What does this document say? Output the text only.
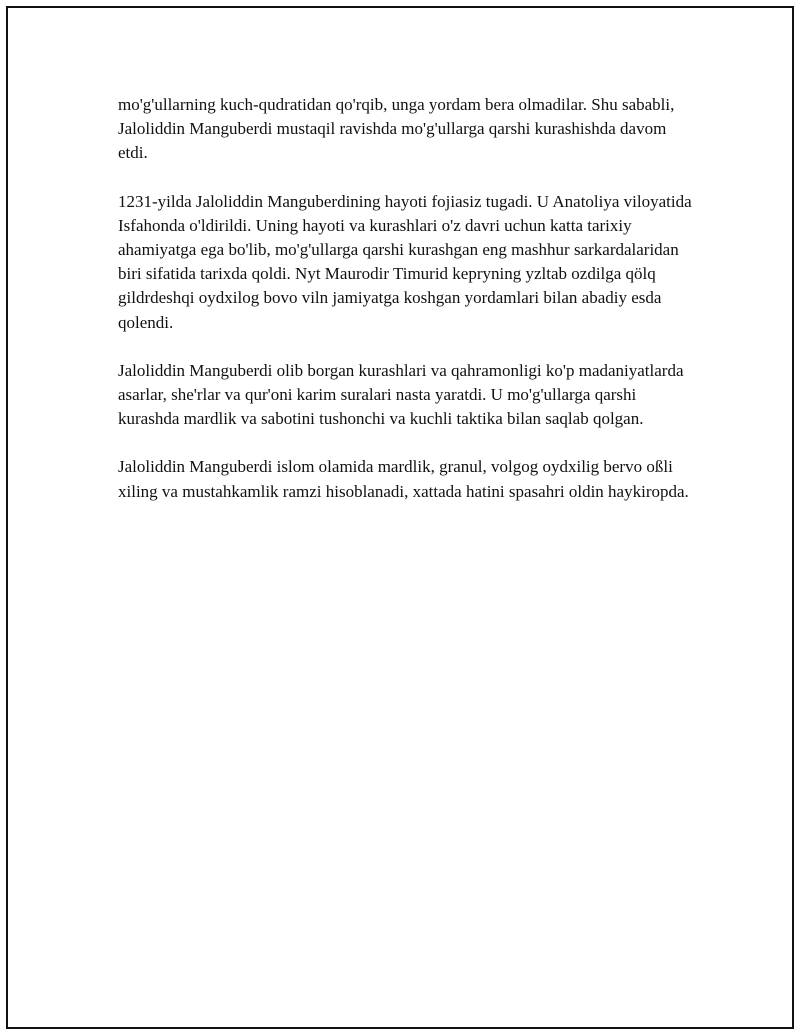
mo'g'ullarning kuch-qudratidan qo'rqib, unga yordam bera olmadilar. Shu sababli, Jaloliddin Manguberdi mustaqil ravishda mo'g'ullarga qarshi kurashishda davom etdi.

1231-yilda Jaloliddin Manguberdining hayoti fojiasiz tugadi. U Anatoliya viloyatida Isfahonda o'ldirildi. Uning hayoti va kurashlari o'z davri uchun katta tarixiy ahamiyatga ega bo'lib, mo'g'ullarga qarshi kurashgan eng mashhur sarkardalaridan biri sifatida tarixda qoldi. Nyt Maurodir Timurid kepryning yzltab ozdilga qölq gildrdeshqi oydxilog bovo viln jamiyatga koshgan yordamlari bilan abadiy esda qolendi.

Jaloliddin Manguberdi olib borgan kurashlari va qahramonligi ko'p madaniyatlarda asarlar, she'rlar va qur'oni karim suralari nasta yaratdi. U mo'g'ullarga qarshi kurashda mardlik va sabotini tushonchi va kuchli taktika bilan saqlab qolgan.

Jaloliddin Manguberdi islom olamida mardlik, granul, volgog oydxilig bervo oßli xiling va mustahkamlik ramzi hisoblanadi, xattada hatini spasahri oldin haykiropda.
